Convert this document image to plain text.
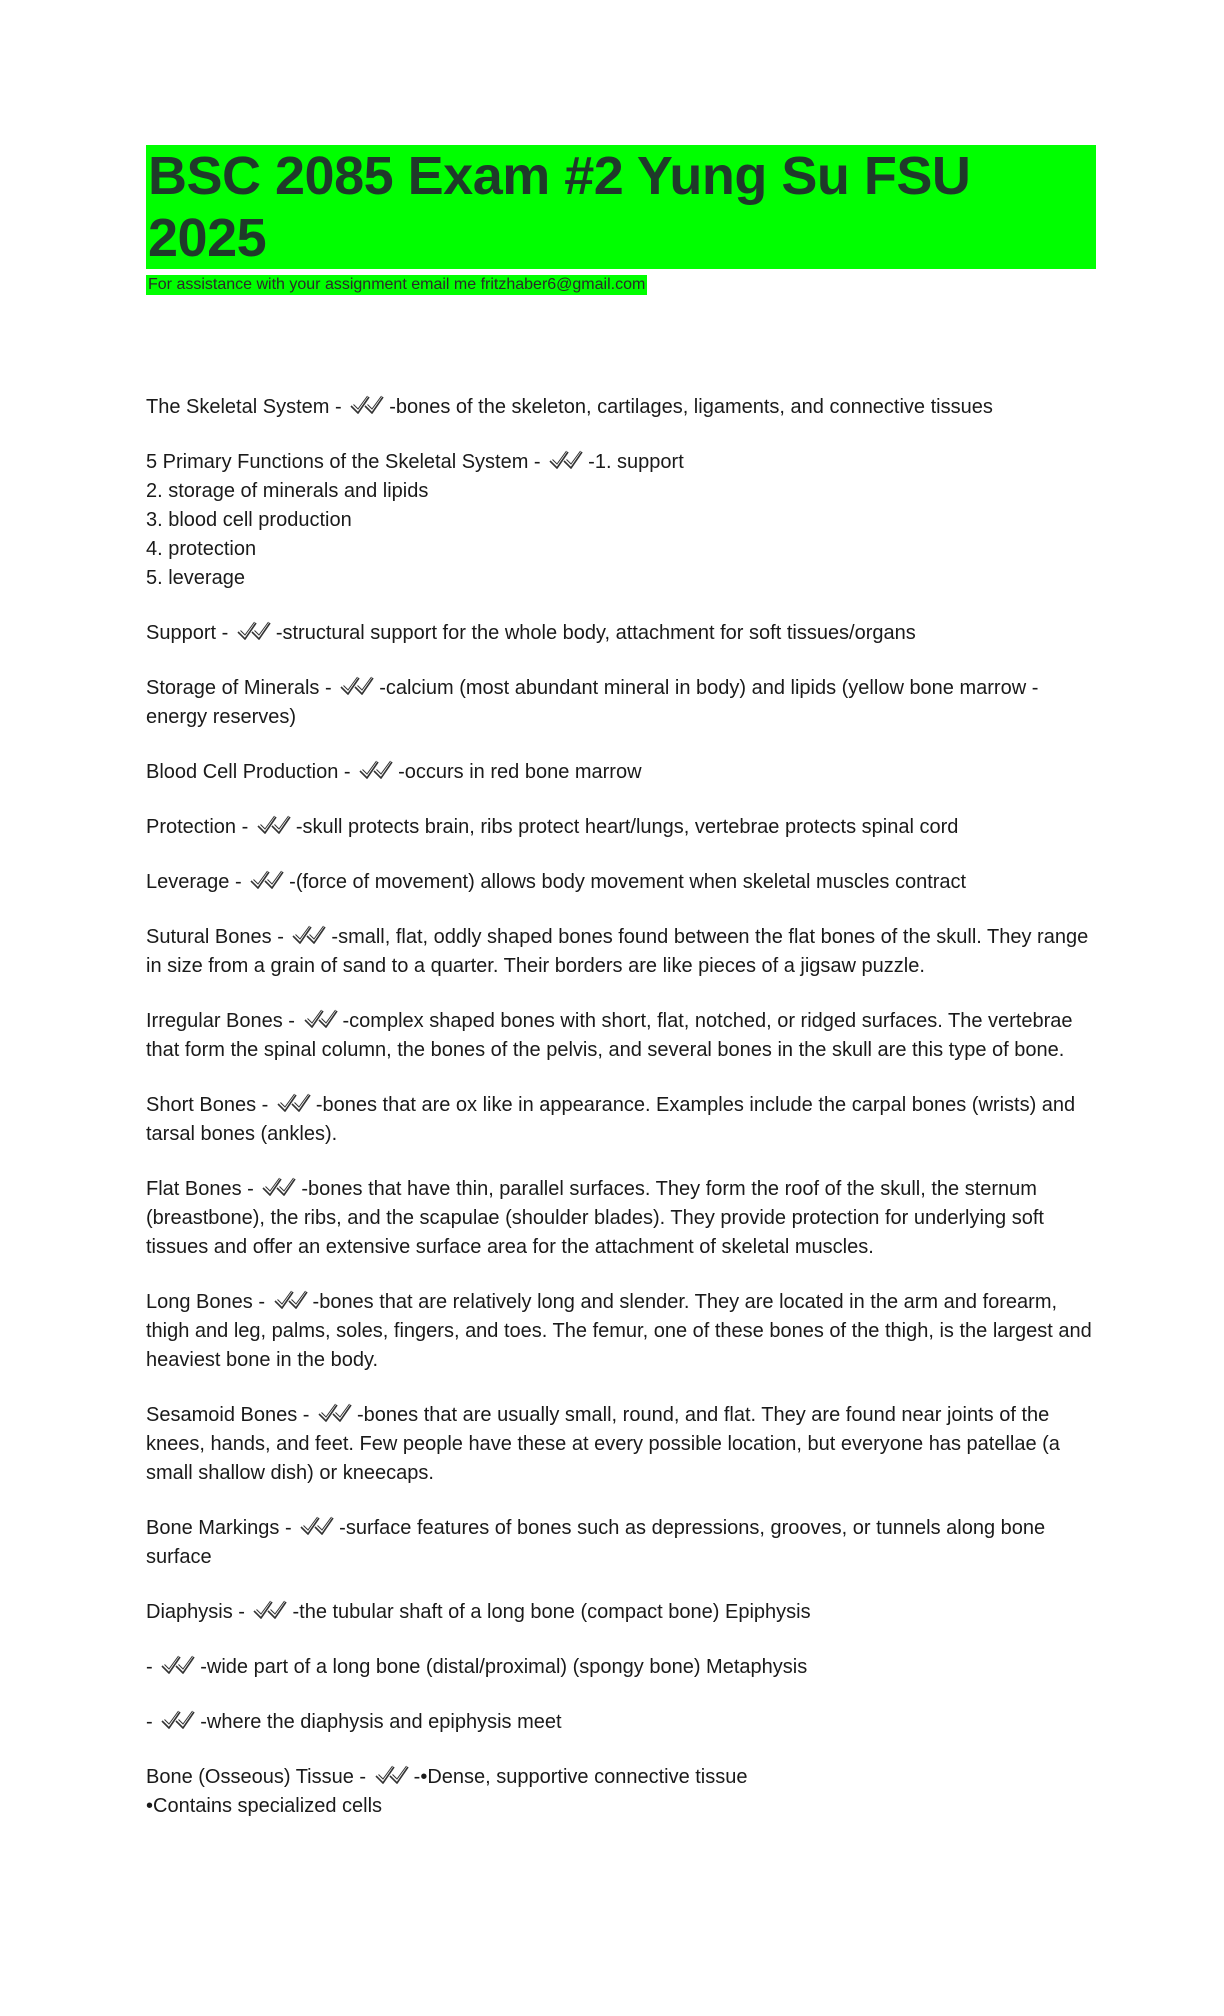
BSC 2085 Exam #2 Yung Su FSU 2025
For assistance with your assignment email me fritzhaber6@gmail.com
The Skeletal System -
-bones of the skeleton, cartilages, ligaments, and connective tissues
5 Primary Functions of the Skeletal System -
-1. support
2. storage of minerals and lipids
3. blood cell production
4. protection
5. leverage
Support -
-structural support for the whole body, attachment for soft tissues/organs
Storage of Minerals -
-calcium (most abundant mineral in body) and lipids (yellow bone marrow - energy reserves)
Blood Cell Production -
-occurs in red bone marrow
Protection -
-skull protects brain, ribs protect heart/lungs, vertebrae protects spinal cord
Leverage -
-(force of movement) allows body movement when skeletal muscles contract
Sutural Bones -
-small, flat, oddly shaped bones found between the flat bones of the skull. They range in size from a grain of sand to a quarter. Their borders are like pieces of a jigsaw puzzle.
Irregular Bones -
-complex shaped bones with short, flat, notched, or ridged surfaces. The vertebrae that form the spinal column, the bones of the pelvis, and several bones in the skull are this type of bone.
Short Bones -
-bones that are ox like in appearance. Examples include the carpal bones (wrists) and tarsal bones (ankles).
Flat Bones -
-bones that have thin, parallel surfaces. They form the roof of the skull, the sternum (breastbone), the ribs, and the scapulae (shoulder blades). They provide protection for underlying soft tissues and offer an extensive surface area for the attachment of skeletal muscles.
Long Bones -
-bones that are relatively long and slender. They are located in the arm and forearm, thigh and leg, palms, soles, fingers, and toes. The femur, one of these bones of the thigh, is the largest and heaviest bone in the body.
Sesamoid Bones -
-bones that are usually small, round, and flat. They are found near joints of the knees, hands, and feet. Few people have these at every possible location, but everyone has patellae (a small shallow dish) or kneecaps.
Bone Markings -
-surface features of bones such as depressions, grooves, or tunnels along bone surface
Diaphysis -
-the tubular shaft of a long bone (compact bone) Epiphysis
-
-wide part of a long bone (distal/proximal) (spongy bone) Metaphysis
-
-where the diaphysis and epiphysis meet
Bone (Osseous) Tissue -
-•Dense, supportive connective tissue
•Contains specialized cells
